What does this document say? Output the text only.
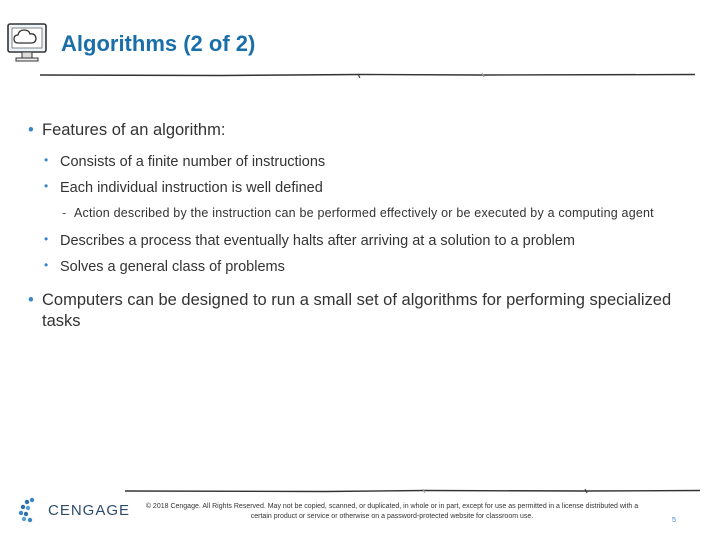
Algorithms (2 of 2)
• Features of an algorithm:
• Consists of a finite number of instructions
• Each individual instruction is well defined
- Action described by the instruction can be performed effectively or be executed by a computing agent
• Describes a process that eventually halts after arriving at a solution to a problem
• Solves a general class of problems
• Computers can be designed to run a small set of algorithms for performing specialized tasks
CENGAGE	© 2018 Cengage. All Rights Reserved. May not be copied, scanned, or duplicated, in whole or in part, except for use as permitted in a license distributed with a certain product or service or otherwise on a password-protected website for classroom use.
5
